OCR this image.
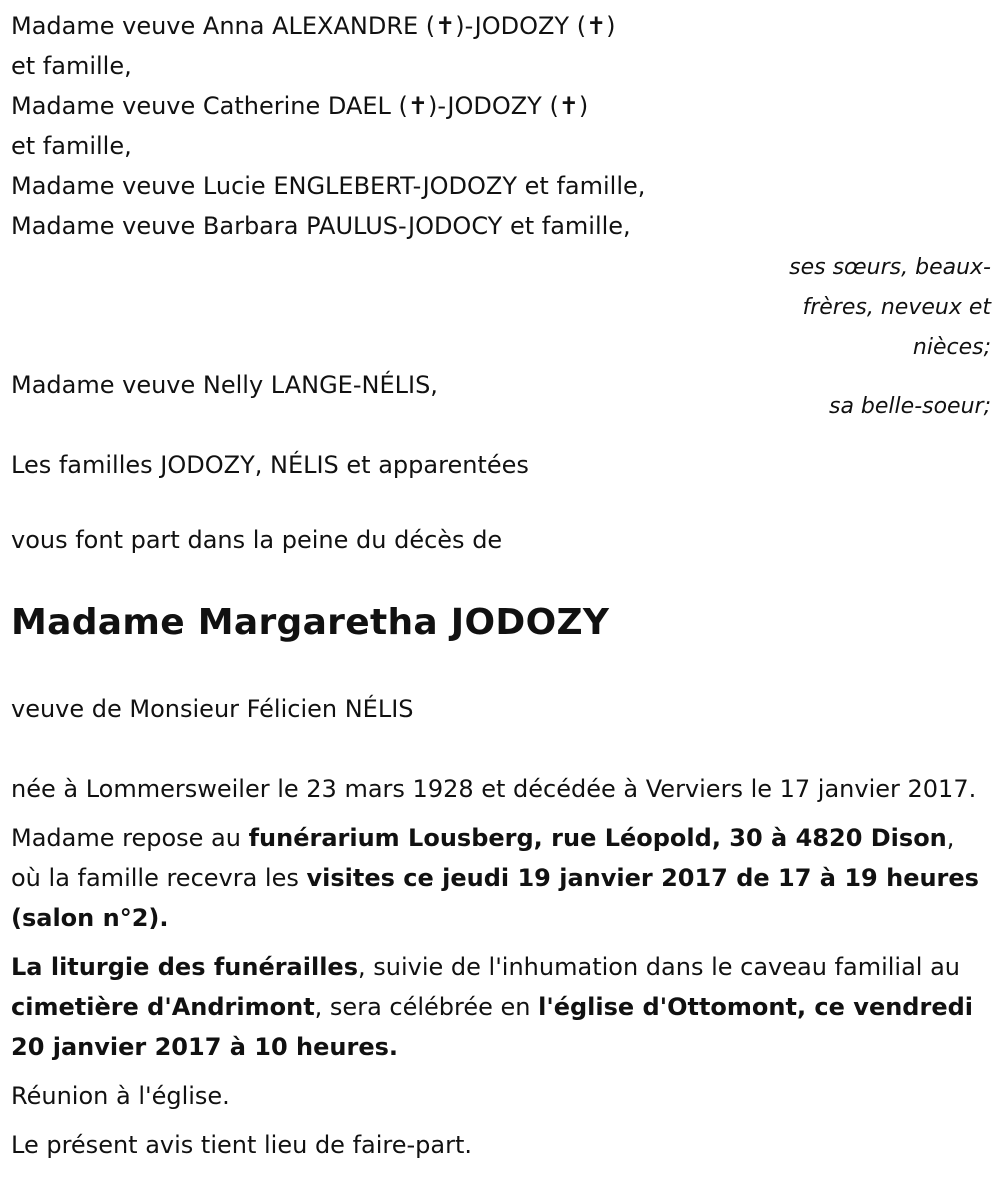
Madame veuve Anna ALEXANDRE (✝)-JODOZY (✝)
et famille,
Madame veuve Catherine DAEL (✝)-JODOZY (✝)
et famille,
Madame veuve Lucie ENGLEBERT-JODOZY et famille,
Madame veuve Barbara PAULUS-JODOCY et famille,
ses sœurs, beaux-
frères, neveux et
nièces;
Madame veuve Nelly LANGE-NÉLIS,
sa belle-soeur;
Les familles JODOZY, NÉLIS et apparentées
vous font part dans la peine du décès de
Madame Margaretha JODOZY
veuve de Monsieur Félicien NÉLIS
née à Lommersweiler le 23 mars 1928 et décédée à Verviers le 17 janvier 2017.
Madame repose au funérarium Lousberg, rue Léopold, 30 à 4820 Dison, où la famille recevra les visites ce jeudi 19 janvier 2017 de 17 à 19 heures (salon n°2).
La liturgie des funérailles, suivie de l'inhumation dans le caveau familial au cimetière d'Andrimont, sera célébrée en l'église d'Ottomont, ce vendredi 20 janvier 2017 à 10 heures.
Réunion à l'église.
Le présent avis tient lieu de faire-part.
